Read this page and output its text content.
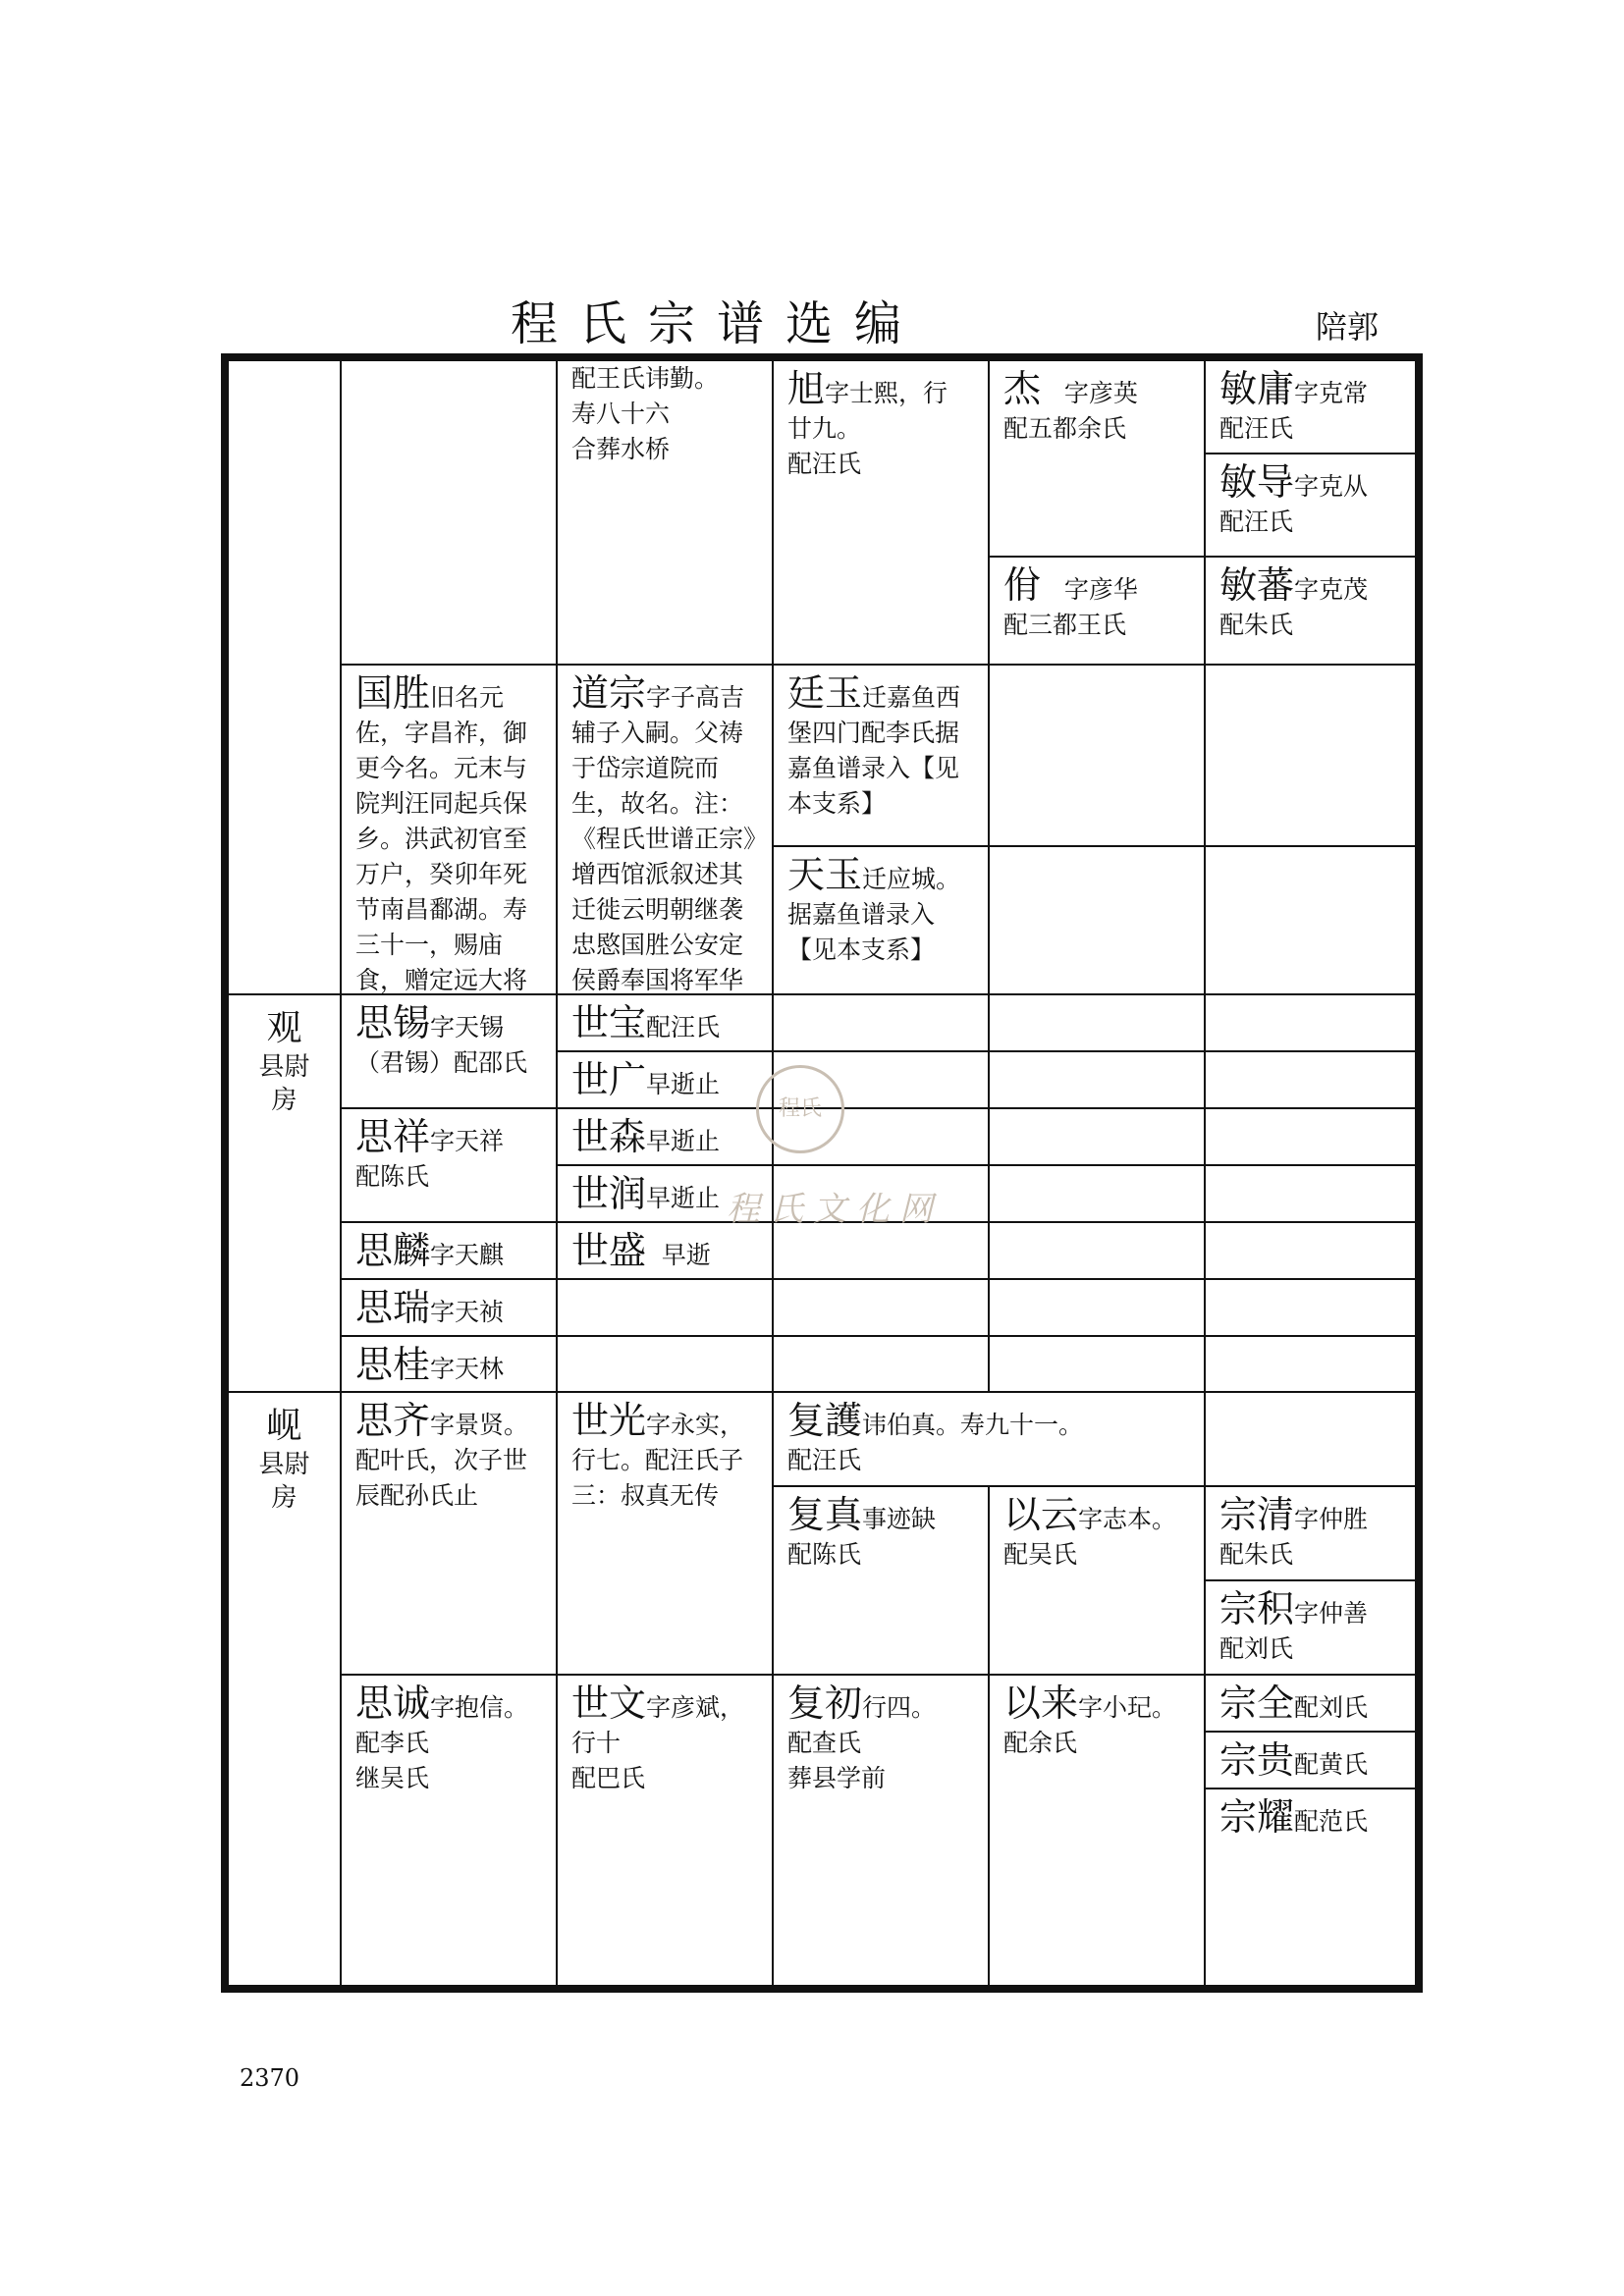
程氏宗谱选编	陪郭
配王氏讳勤。
寿八十六
合葬水桥
旭字士熙，行
廿九。
配汪氏
杰 字彦英
配五都余氏
佾 字彦华
配三都王氏
敏庸字克常
配汪氏
敏导字克从
配汪氏
敏蕃字克茂
配朱氏
国胜旧名元佐，字昌祚，御更今名。元末与院判汪同起兵保乡。洪武初官至万户，癸卯年死节南昌鄱湖。寿三十一，赐庙食，赠定远大将
道宗字子高吉辅子入嗣。父祷于岱宗道院而生，故名。注：《程氏世谱正宗》增西馆派叙述其迁徙云明朝继袭忠愍国胜公安定侯爵奉国将军华
廷玉迁嘉鱼西堡四门配李氏据嘉鱼谱录入【见本支系】
天玉迁应城。据嘉鱼谱录入【见本支系】
观
县尉
房
思锡字天锡
（君锡）配邵氏
世宝配汪氏
世广早逝止
思祥字天祥
配陈氏
世森早逝止
世润早逝止
思麟字天麒	世盛 早逝
思瑞字天祯
思桂字天林
岘
县尉
房
思齐字景贤。配叶氏，次子世辰配孙氏止
世光字永实，行七。配汪氏子三：叔真无传
复護讳伯真。寿九十一。
配汪氏
复真事迹缺
配陈氏
以云字志本。
配吴氏
宗清字仲胜
配朱氏
宗积字仲善
配刘氏
思诚字抱信。
配李氏
继吴氏
世文字彦斌，
行十
配巴氏
复初行四。
配查氏
葬县学前
以来字小玘。
配余氏
宗全配刘氏
宗贵配黄氏
宗耀配范氏
程氏
程氏文化网
2370
